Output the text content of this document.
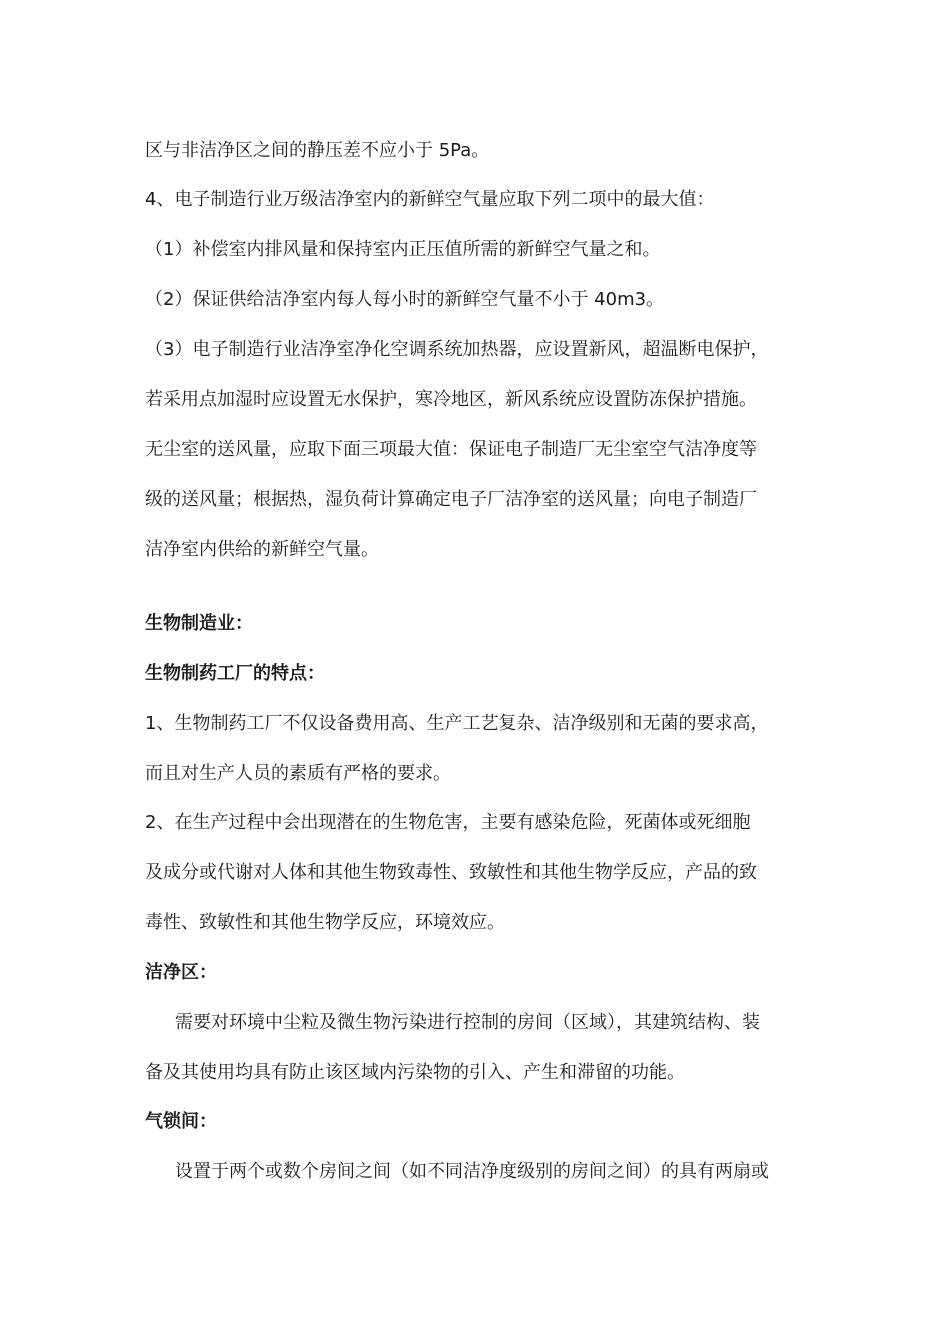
区与非洁净区之间的静压差不应小于 5Pa。
4、电子制造行业万级洁净室内的新鲜空气量应取下列二项中的最大值：
（1）补偿室内排风量和保持室内正压值所需的新鲜空气量之和。
（2）保证供给洁净室内每人每小时的新鲜空气量不小于 40m3。
（3）电子制造行业洁净室净化空调系统加热器，应设置新风，超温断电保护，
若采用点加湿时应设置无水保护，寒冷地区，新风系统应设置防冻保护措施。
无尘室的送风量，应取下面三项最大值：保证电子制造厂无尘室空气洁净度等
级的送风量；根据热，湿负荷计算确定电子厂洁净室的送风量；向电子制造厂
洁净室内供给的新鲜空气量。
生物制造业：
生物制药工厂的特点：
1、生物制药工厂不仅设备费用高、生产工艺复杂、洁净级别和无菌的要求高，
而且对生产人员的素质有严格的要求。
2、在生产过程中会出现潜在的生物危害，主要有感染危险，死菌体或死细胞
及成分或代谢对人体和其他生物致毒性、致敏性和其他生物学反应，产品的致
毒性、致敏性和其他生物学反应，环境效应。
洁净区：
需要对环境中尘粒及微生物污染进行控制的房间（区域），其建筑结构、装
备及其使用均具有防止该区域内污染物的引入、产生和滞留的功能。
气锁间：
设置于两个或数个房间之间（如不同洁净度级别的房间之间）的具有两扇或
